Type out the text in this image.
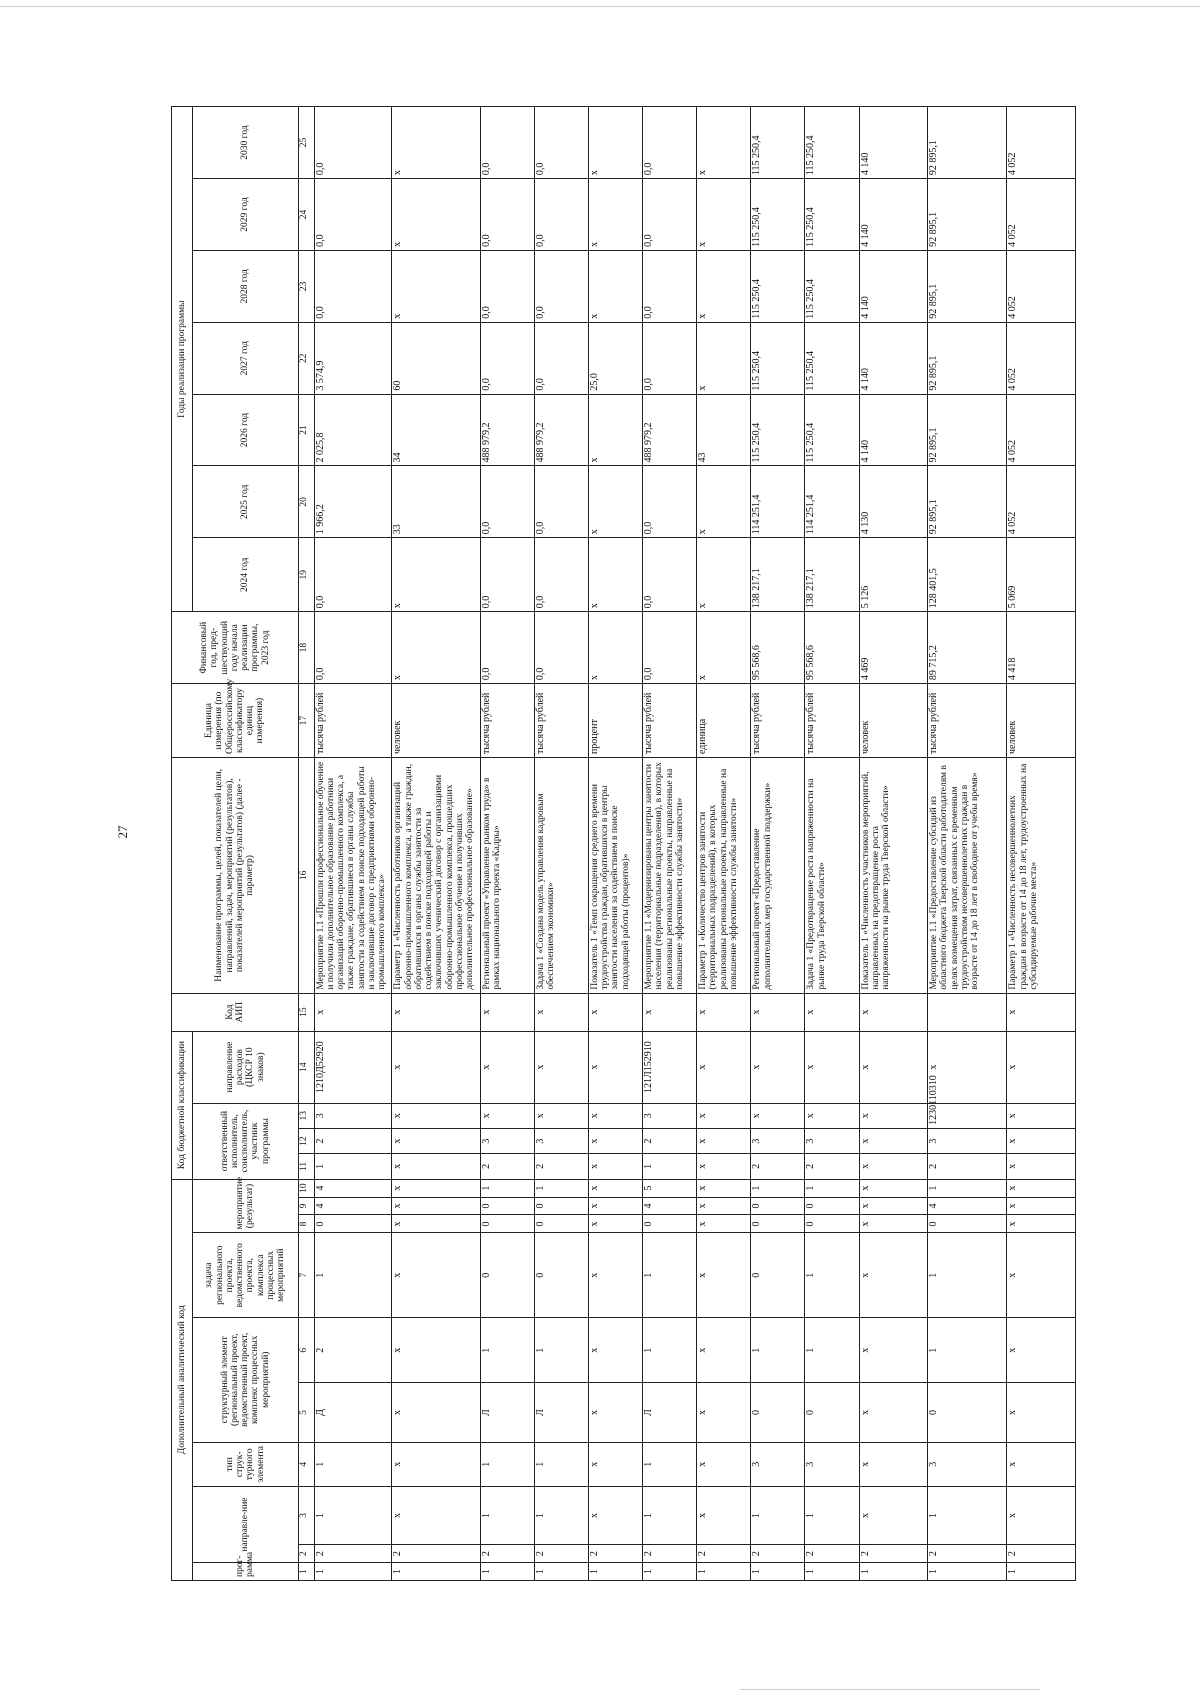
27
Дополнительный аналитический код										Код бюджетной классификации				Код АИП	Наименование программы, целей, показателей цели, направлений, задач, мероприятий (результатов), показателей мероприятий (результатов) (далее - параметр)	Единица измерения (по Общероссийскому классификатору единиц измерения)	Финансовый год, пред-шествующий году начала реализации программы, 2023 год	Годы реализации программы						
прог-рамма	направле-ние		тип струк-турного элемента	структурный элемент (региональный проект, ведомственный проект, комплекс процессных мероприятий)		задача регионального проекта, ведомственного проекта, комплекса процессных мероприятий	мероприятие (результат)			ответственный исполнитель, соисполнитель, участник программы			направление расходов (ЦКСР 10 знаков)					2024 год	2025 год	2026 год	2027 год	2028 год	2029 год	2030 год

1	2	3	4	5	6	7	8	9	10	11	12	13	14	15	16	17	18	19	20	21	22	23	24	25
1	2	1	1	Д	2	1	0	4	4	1	2	3	1210Д52920	х	Мероприятие 1.1 «Прошли профессиональное обучение и получили дополнительное образование работники организаций оборонно-промышленного комплекса, а также граждане, обратившиеся в органы службы занятости за содействием в поиске подходящей работы и заключившие договор с предприятиями оборонно-промышленного комплекса»	тысяча рублей	0,0	0,0	1 966,2	2 025,8	3 574,9	0,0	0,0	0,0
1	2	х	х	х	х	х	х	х	х	х	х	х	х	х	Параметр 1 «Численность работников организаций оборонно-промышленного комплекса, а также граждан, обратившихся в органы службы занятости за содействием в поиске подходящей работы и заключивших ученический договор с организациями оборонно-промышленного комплекса, прошедших профессиональное обучение и получивших дополнительное профессиональное образование»	человек	х	х	33	34	60	х	х	х
1	2	1	1	Л	1	0	0	0	1	2	3	х	х	х	Региональный проект «Управление рынком труда» в рамках национального проекта «Кадры»	тысяча рублей	0,0	0,0	0,0	488 979,2	0,0	0,0	0,0	0,0
1	2	1	1	Л	1	0	0	0	1	2	3	х	х	х	Задача 1 «Создана модель управления кадровым обеспечением экономики»	тысяча рублей	0,0	0,0	0,0	488 979,2	0,0	0,0	0,0	0,0
1	2	х	х	х	х	х	х	х	х	х	х	х	х	х	Показатель 1 «Темп сокращения среднего времени трудоустройства граждан, обратившихся в центры занятости населения за содействием в поиске подходящей работы (процентов)»	процент	х	х	х	х	25,0	х	х	х
1	2	1	1	Л	1	1	0	4	5	1	2	3	121Л152910	х	Мероприятие 1.1 «Модернизированы центры занятости населения (территориальные подразделения), в которых реализованы региональные проекты, направленные на повышение эффективности службы занятости»	тысяча рублей	0,0	0,0	0,0	488 979,2	0,0	0,0	0,0	0,0
1	2	х	х	х	х	х	х	х	х	х	х	х	х	х	Параметр 1 «Количество центров занятости (территориальных подразделений), в которых реализованы региональные проекты, направленные на повышение эффективности службы занятости»	единица	х	х	х	43	х	х	х	х
1	2	1	3	0	1	0	0	0	1	2	3	х	х	х	Региональный проект «Предоставление дополнительных мер государственной поддержки»	тысяча рублей	95 568,6	138 217,1	114 251,4	115 250,4	115 250,4	115 250,4	115 250,4	115 250,4
1	2	1	3	0	1	1	0	0	1	2	3	х	х	х	Задача 1 «Предотвращение роста напряженности на рынке труда Тверской области»	тысяча рублей	95 568,6	138 217,1	114 251,4	115 250,4	115 250,4	115 250,4	115 250,4	115 250,4
1	2	х	х	х	х	х	х	х	х	х	х	х	х	х	Показатель 1 «Численность участников мероприятий, направленных на предотвращение роста напряженности на рынке труда Тверской области»	человек	4 469	5 126	4 130	4 140	4 140	4 140	4 140	4 140
1	2	1	3	0	1	1	0	4	1	2	3	1230110310	х		Мероприятие 1.1 «Предоставление субсидий из областного бюджета Тверской области работодателям в целях возмещения затрат, связанных с временным трудоустройством несовершеннолетних граждан в возрасте от 14 до 18 лет в свободное от учебы время»	тысяча рублей	89 715,2	128 401,5	92 895,1	92 895,1	92 895,1	92 895,1	92 895,1	92 895,1
1	2	х	х	х	х	х	х	х	х	х	х	х	х	х	Параметр 1 «Численность несовершеннолетних граждан в возрасте от 14 до 18 лет, трудоустроенных на субсидируемые рабочие места»	человек	4 418	5 069	4 052	4 052	4 052	4 052	4 052	4 052
